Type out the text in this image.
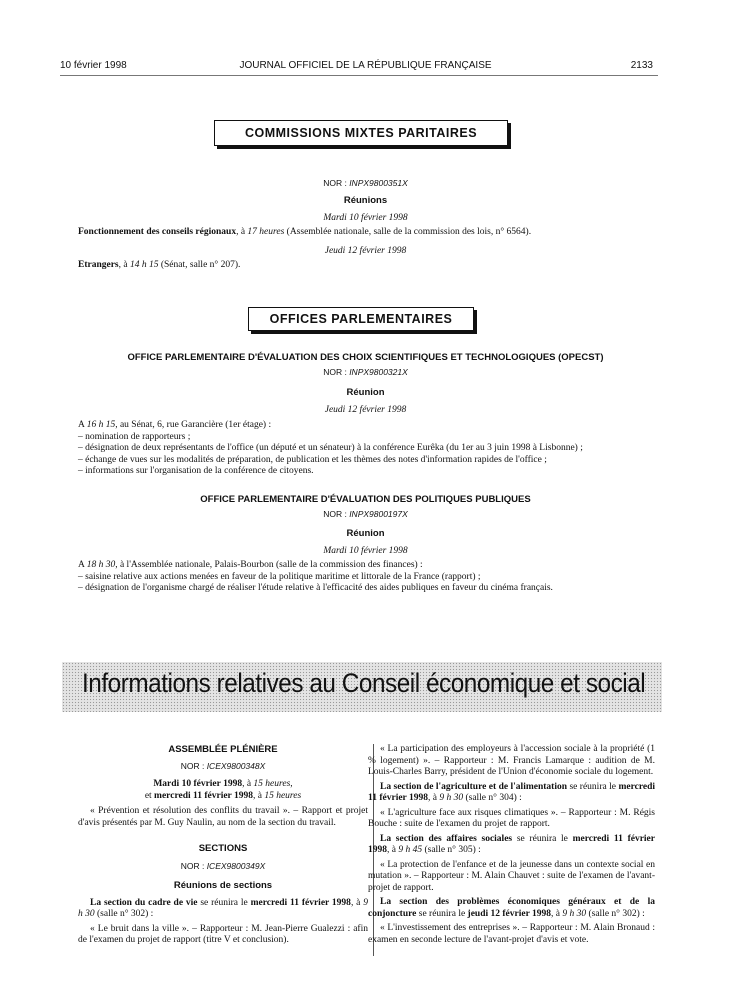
10 février 1998	JOURNAL OFFICIEL DE LA RÉPUBLIQUE FRANÇAISE	2133
COMMISSIONS MIXTES PARITAIRES
NOR : INPX9800351X
Réunions
Mardi 10 février 1998
Fonctionnement des conseils régionaux, à 17 heures (Assemblée nationale, salle de la commission des lois, n° 6564).
Jeudi 12 février 1998
Etrangers, à 14 h 15 (Sénat, salle n° 207).
OFFICES PARLEMENTAIRES
OFFICE PARLEMENTAIRE D'ÉVALUATION DES CHOIX SCIENTIFIQUES ET TECHNOLOGIQUES (OPECST)
NOR : INPX9800321X
Réunion
Jeudi 12 février 1998
A 16 h 15, au Sénat, 6, rue Garancière (1er étage) :
– nomination de rapporteurs ;
– désignation de deux représentants de l'office (un député et un sénateur) à la conférence Eurêka (du 1er au 3 juin 1998 à Lisbonne) ;
– échange de vues sur les modalités de préparation, de publication et les thèmes des notes d'information rapides de l'office ;
– informations sur l'organisation de la conférence de citoyens.
OFFICE PARLEMENTAIRE D'ÉVALUATION DES POLITIQUES PUBLIQUES
NOR : INPX9800197X
Réunion
Mardi 10 février 1998
A 18 h 30, à l'Assemblée nationale, Palais-Bourbon (salle de la commission des finances) :
– saisine relative aux actions menées en faveur de la politique maritime et littorale de la France (rapport) ;
– désignation de l'organisme chargé de réaliser l'étude relative à l'efficacité des aides publiques en faveur du cinéma français.
Informations relatives au Conseil économique et social
ASSEMBLÉE PLÉNIÈRE
NOR : ICEX9800348X
Mardi 10 février 1998, à 15 heures,
et mercredi 11 février 1998, à 15 heures

« Prévention et résolution des conflits du travail ». – Rapport et projet d'avis présentés par M. Guy Naulin, au nom de la section du travail.

SECTIONS
NOR : ICEX9800349X
Réunions de sections

La section du cadre de vie se réunira le mercredi 11 février 1998, à 9 h 30 (salle n° 302) :

« Le bruit dans la ville ». – Rapporteur : M. Jean-Pierre Gualezzi : afin de l'examen du projet de rapport (titre V et conclusion).

« La participation des employeurs à l'accession sociale à la propriété (1 % logement) ». – Rapporteur : M. Francis Lamarque : audition de M. Louis-Charles Barry, président de l'Union d'économie sociale du logement.

La section de l'agriculture et de l'alimentation se réunira le mercredi 11 février 1998, à 9 h 30 (salle n° 304) :

« L'agriculture face aux risques climatiques ». – Rapporteur : M. Régis Bouche : suite de l'examen du projet de rapport.

La section des affaires sociales se réunira le mercredi 11 février 1998, à 9 h 45 (salle n° 305) :

« La protection de l'enfance et de la jeunesse dans un contexte social en mutation ». – Rapporteur : M. Alain Chauvet : suite de l'examen de l'avant-projet de rapport.

La section des problèmes économiques généraux et de la conjoncture se réunira le jeudi 12 février 1998, à 9 h 30 (salle n° 302) :

« L'investissement des entreprises ». – Rapporteur : M. Alain Bronaud : examen en seconde lecture de l'avant-projet d'avis et vote.
